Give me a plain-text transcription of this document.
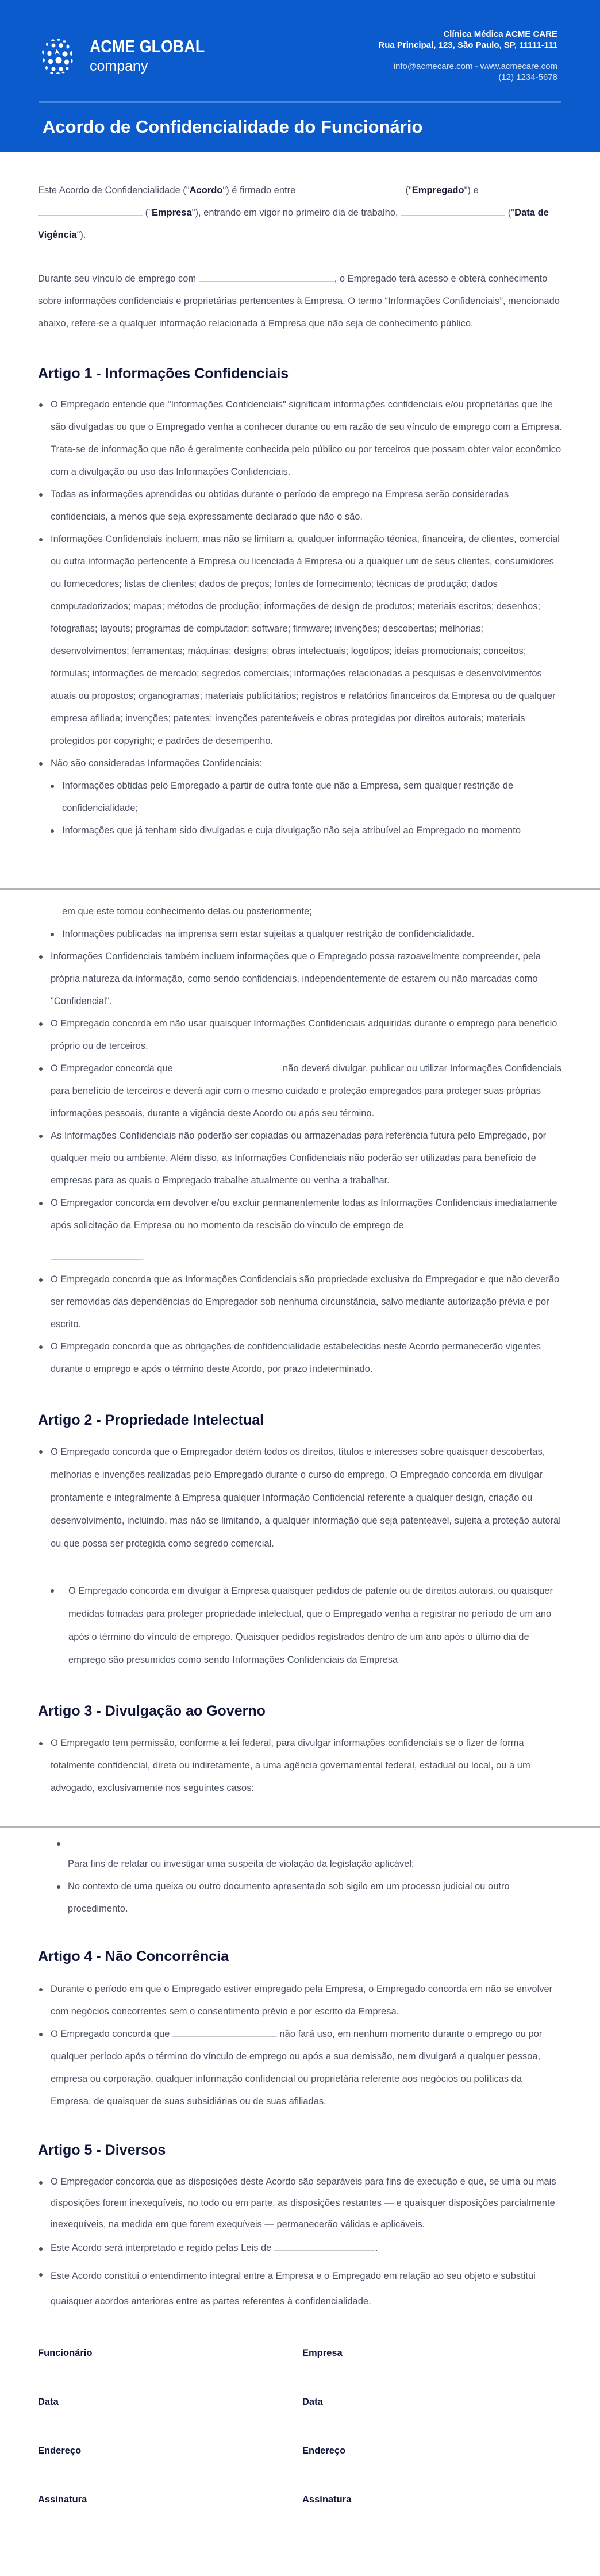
ACME GLOBAL
company
Clínica Médica ACME CARE
Rua Principal, 123, São Paulo, SP, 11111-111
info@acmecare.com - www.acmecare.com
(12) 1234-5678
Acordo de Confidencialidade do Funcionário
Este Acordo de Confidencialidade ("Acordo") é firmado entre	("Empregado") e  ("Empresa"), entrando em vigor no primeiro dia de trabalho,	("Data de Vigência").
Durante seu vínculo de emprego com	, o Empregado terá acesso e obterá conhecimento sobre informações confidenciais e proprietárias pertencentes à Empresa. O termo “Informações Confidenciais”, mencionado abaixo, refere-se a qualquer informação relacionada à Empresa que não seja de conhecimento público.
Artigo 1 - Informações Confidenciais
O Empregado entende que "Informações Confidenciais" significam informações confidenciais e/ou proprietárias que lhe são divulgadas ou que o Empregado venha a conhecer durante ou em razão de seu vínculo de emprego com a Empresa. Trata-se de informação que não é geralmente conhecida pelo público ou por terceiros que possam obter valor econômico com a divulgação ou uso das Informações Confidenciais.
Todas as informações aprendidas ou obtidas durante o período de emprego na Empresa serão consideradas confidenciais, a menos que seja expressamente declarado que não o são.
Informações Confidenciais incluem, mas não se limitam a, qualquer informação técnica, financeira, de clientes, comercial ou outra informação pertencente à Empresa ou licenciada à Empresa ou a qualquer um de seus clientes, consumidores ou fornecedores; listas de clientes; dados de preços; fontes de fornecimento; técnicas de produção; dados computadorizados; mapas; métodos de produção; informações de design de produtos; materiais escritos; desenhos; fotografias; layouts; programas de computador; software; firmware; invenções; descobertas; melhorias; desenvolvimentos; ferramentas; máquinas; designs; obras intelectuais; logotipos; ideias promocionais; conceitos; fórmulas; informações de mercado; segredos comerciais; informações relacionadas a pesquisas e desenvolvimentos atuais ou propostos; organogramas; materiais publicitários; registros e relatórios financeiros da Empresa ou de qualquer empresa afiliada; invenções; patentes; invenções patenteáveis e obras protegidas por direitos autorais; materiais protegidos por copyright; e padrões de desempenho.
Não são consideradas Informações Confidenciais:
Informações obtidas pelo Empregado a partir de outra fonte que não a Empresa, sem qualquer restrição de confidencialidade;
Informações que já tenham sido divulgadas e cuja divulgação não seja atribuível ao Empregado no momento
em que este tomou conhecimento delas ou posteriormente;
Informações publicadas na imprensa sem estar sujeitas a qualquer restrição de confidencialidade.
Informações Confidenciais também incluem informações que o Empregado possa razoavelmente compreender, pela própria natureza da informação, como sendo confidenciais, independentemente de estarem ou não marcadas como "Confidencial".
O Empregado concorda em não usar quaisquer Informações Confidenciais adquiridas durante o emprego para benefício próprio ou de terceiros.
O Empregador concorda que	não deverá divulgar, publicar ou utilizar Informações Confidenciais para benefício de terceiros e deverá agir com o mesmo cuidado e proteção empregados para proteger suas próprias informações pessoais, durante a vigência deste Acordo ou após seu término.
As Informações Confidenciais não poderão ser copiadas ou armazenadas para referência futura pelo Empregado, por qualquer meio ou ambiente. Além disso, as Informações Confidenciais não poderão ser utilizadas para benefício de empresas para as quais o Empregado trabalhe atualmente ou venha a trabalhar.
O Empregador concorda em devolver e/ou excluir permanentemente todas as Informações Confidenciais imediatamente após solicitação da Empresa ou no momento da rescisão do vínculo de emprego de
.
O Empregado concorda que as Informações Confidenciais são propriedade exclusiva do Empregador e que não deverão ser removidas das dependências do Empregador sob nenhuma circunstância, salvo mediante autorização prévia e por escrito.
O Empregado concorda que as obrigações de confidencialidade estabelecidas neste Acordo permanecerão vigentes durante o emprego e após o término deste Acordo, por prazo indeterminado.
Artigo 2 - Propriedade Intelectual
O Empregado concorda que o Empregador detém todos os direitos, títulos e interesses sobre quaisquer descobertas, melhorias e invenções realizadas pelo Empregado durante o curso do emprego. O Empregado concorda em divulgar prontamente e integralmente à Empresa qualquer Informação Confidencial referente a qualquer design, criação ou desenvolvimento, incluindo, mas não se limitando, a qualquer informação que seja patenteável, sujeita a proteção autoral ou que possa ser protegida como segredo comercial.
O Empregado concorda em divulgar à Empresa quaisquer pedidos de patente ou de direitos autorais, ou quaisquer medidas tomadas para proteger propriedade intelectual, que o Empregado venha a registrar no período de um ano após o término do vínculo de emprego. Quaisquer pedidos registrados dentro de um ano após o último dia de emprego são presumidos como sendo Informações Confidenciais da Empresa
Artigo 3 - Divulgação ao Governo
O Empregado tem permissão, conforme a lei federal, para divulgar informações confidenciais se o fizer de forma totalmente confidencial, direta ou indiretamente, a uma agência governamental federal, estadual ou local, ou a um advogado, exclusivamente nos seguintes casos:
Para fins de relatar ou investigar uma suspeita de violação da legislação aplicável;
No contexto de uma queixa ou outro documento apresentado sob sigilo em um processo judicial ou outro procedimento.
Artigo 4 - Não Concorrência
Durante o período em que o Empregado estiver empregado pela Empresa, o Empregado concorda em não se envolver com negócios concorrentes sem o consentimento prévio e por escrito da Empresa.
O Empregado concorda que	não fará uso, em nenhum momento durante o emprego ou por qualquer período após o término do vínculo de emprego ou após a sua demissão, nem divulgará a qualquer pessoa, empresa ou corporação, qualquer informação confidencial ou proprietária referente aos negócios ou políticas da Empresa, de quaisquer de suas subsidiárias ou de suas afiliadas.
Artigo 5 - Diversos
O Empregador concorda que as disposições deste Acordo são separáveis para fins de execução e que, se uma ou mais disposições forem inexequíveis, no todo ou em parte, as disposições restantes — e quaisquer disposições parcialmente inexequíveis, na medida em que forem exequíveis — permanecerão válidas e aplicáveis.
Este Acordo será interpretado e regido pelas Leis de	.
Este Acordo constitui o entendimento integral entre a Empresa e o Empregado em relação ao seu objeto e substitui quaisquer acordos anteriores entre as partes referentes à confidencialidade.
Funcionário	Empresa
Data	Data
Endereço	Endereço
Assinatura	Assinatura
